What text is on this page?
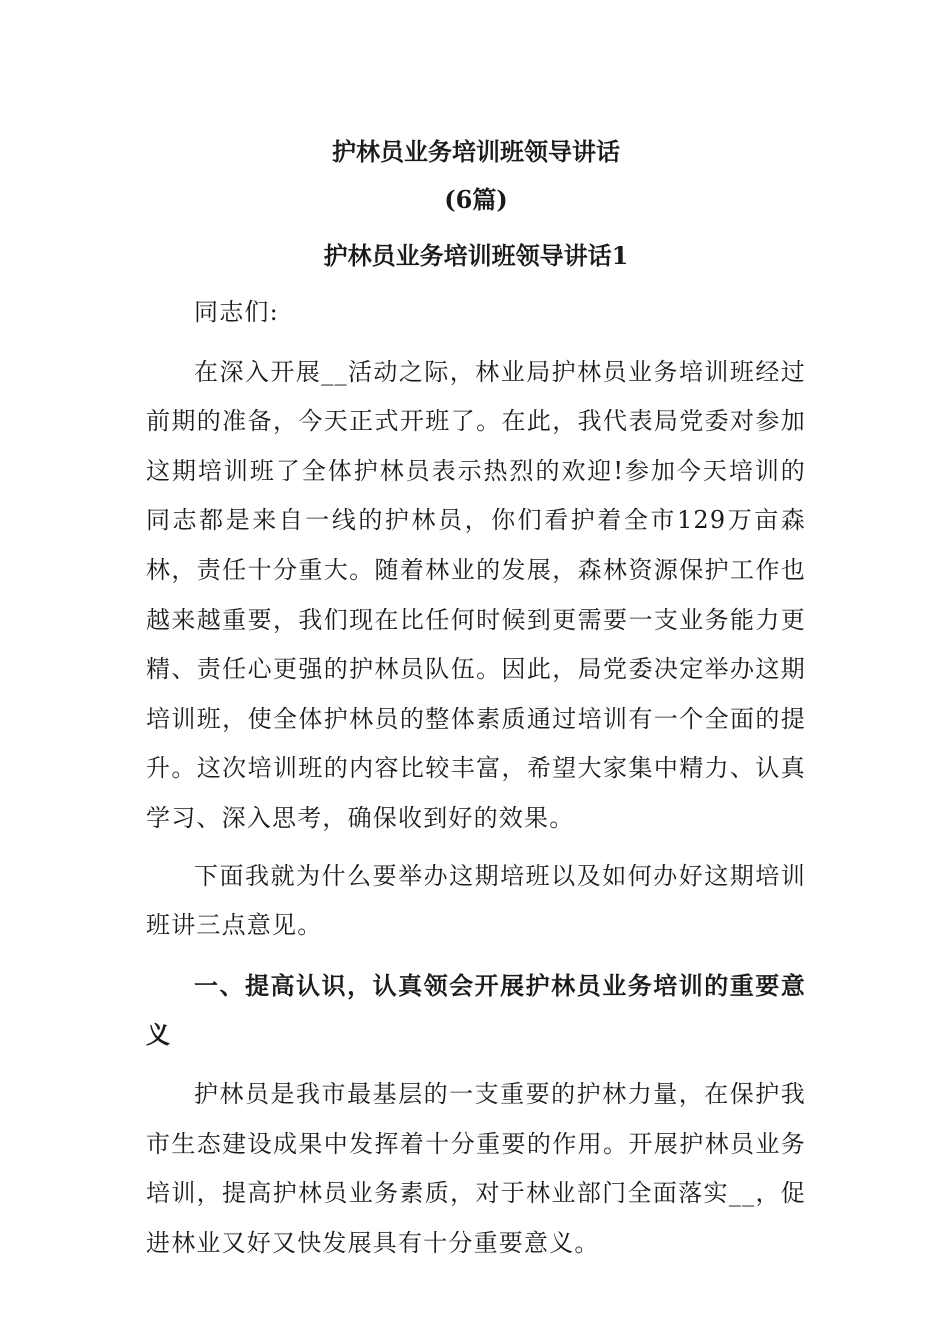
护林员业务培训班领导讲话
(6篇)
护林员业务培训班领导讲话1

同志们:

在深入开展__活动之际，林业局护林员业务培训班经过前期的准备，今天正式开班了。在此，我代表局党委对参加这期培训班了全体护林员表示热烈的欢迎!参加今天培训的同志都是来自一线的护林员，你们看护着全市129万亩森林，责任十分重大。随着林业的发展，森林资源保护工作也越来越重要，我们现在比任何时候到更需要一支业务能力更精、责任心更强的护林员队伍。因此，局党委决定举办这期培训班，使全体护林员的整体素质通过培训有一个全面的提升。这次培训班的内容比较丰富，希望大家集中精力、认真学习、深入思考，确保收到好的效果。

下面我就为什么要举办这期培班以及如何办好这期培训班讲三点意见。

一、提高认识，认真领会开展护林员业务培训的重要意义

护林员是我市最基层的一支重要的护林力量，在保护我市生态建设成果中发挥着十分重要的作用。开展护林员业务培训，提高护林员业务素质，对于林业部门全面落实__，促进林业又好又快发展具有十分重要意义。
